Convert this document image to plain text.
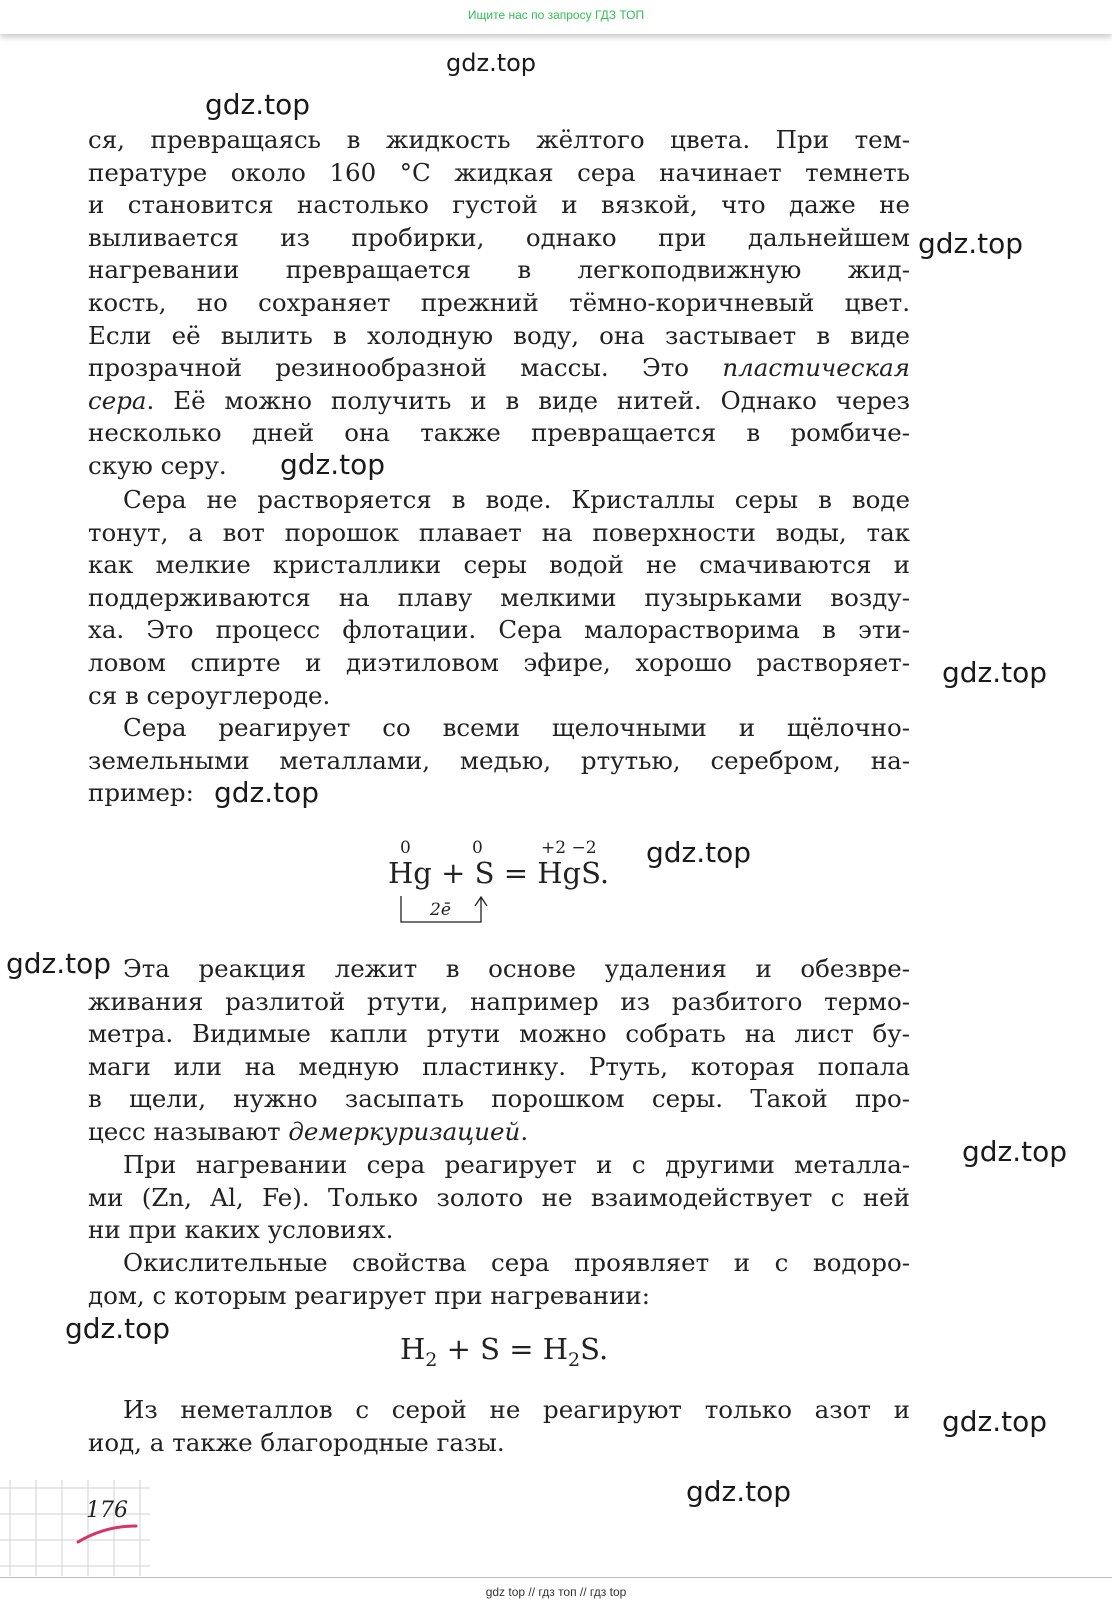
Ищите нас по запросу ГДЗ ТОП
gdz.top
gdz.top
gdz.top
gdz.top
gdz.top
gdz.top
gdz.top
gdz.top
gdz.top
gdz.top
gdz.top
gdz.top

ся, превращаясь в жидкость жёлтого цвета. При тем-
пературе около 160 °С жидкая сера начинает темнеть
и становится настолько густой и вязкой, что даже не
выливается из пробирки, однако при дальнейшем
нагревании превращается в легкоподвижную жид-
кость, но сохраняет прежний тёмно-коричневый цвет.
Если её вылить в холодную воду, она застывает в виде
прозрачной резинообразной массы. Это пластическая
сера. Её можно получить и в виде нитей. Однако через
несколько дней она также превращается в ромбиче-

скую серу.

Сера не растворяется в воде. Кристаллы серы в воде

тонут, а вот порошок плавает на поверхности воды, так
как мелкие кристаллики серы водой не смачиваются и
поддерживаются на плаву мелкими пузырьками возду-
ха. Это процесс флотации. Сера малорастворима в эти-
ловом спирте и диэтиловом эфире, хорошо растворяет-

ся в сероуглероде.

Сера реагирует со всеми щелочными и щёлочно-

земельными металлами, медью, ртутью, серебром, на-

пример:

0	0	+2 −2
Hg + S = HgS.
2ē

Эта реакция лежит в основе удаления и обезвре-

живания разлитой ртути, например из разбитого термо-
метра. Видимые капли ртути можно собрать на лист бу-
маги или на медную пластинку. Ртуть, которая попала
в щели, нужно засыпать порошком серы. Такой про-

цесс называют демеркуризацией.

При нагревании сера реагирует и с другими металла-

ми (Zn, Al, Fe). Только золото не взаимодействует с ней

ни при каких условиях.

Окислительные свойства сера проявляет и с водоро-

дом, с которым реагирует при нагревании:

$H_2 + S = H_2S$.

Из неметаллов с серой не реагируют только азот и

иод, а также благородные газы.

176
gdz top // гдз топ // гдз top
